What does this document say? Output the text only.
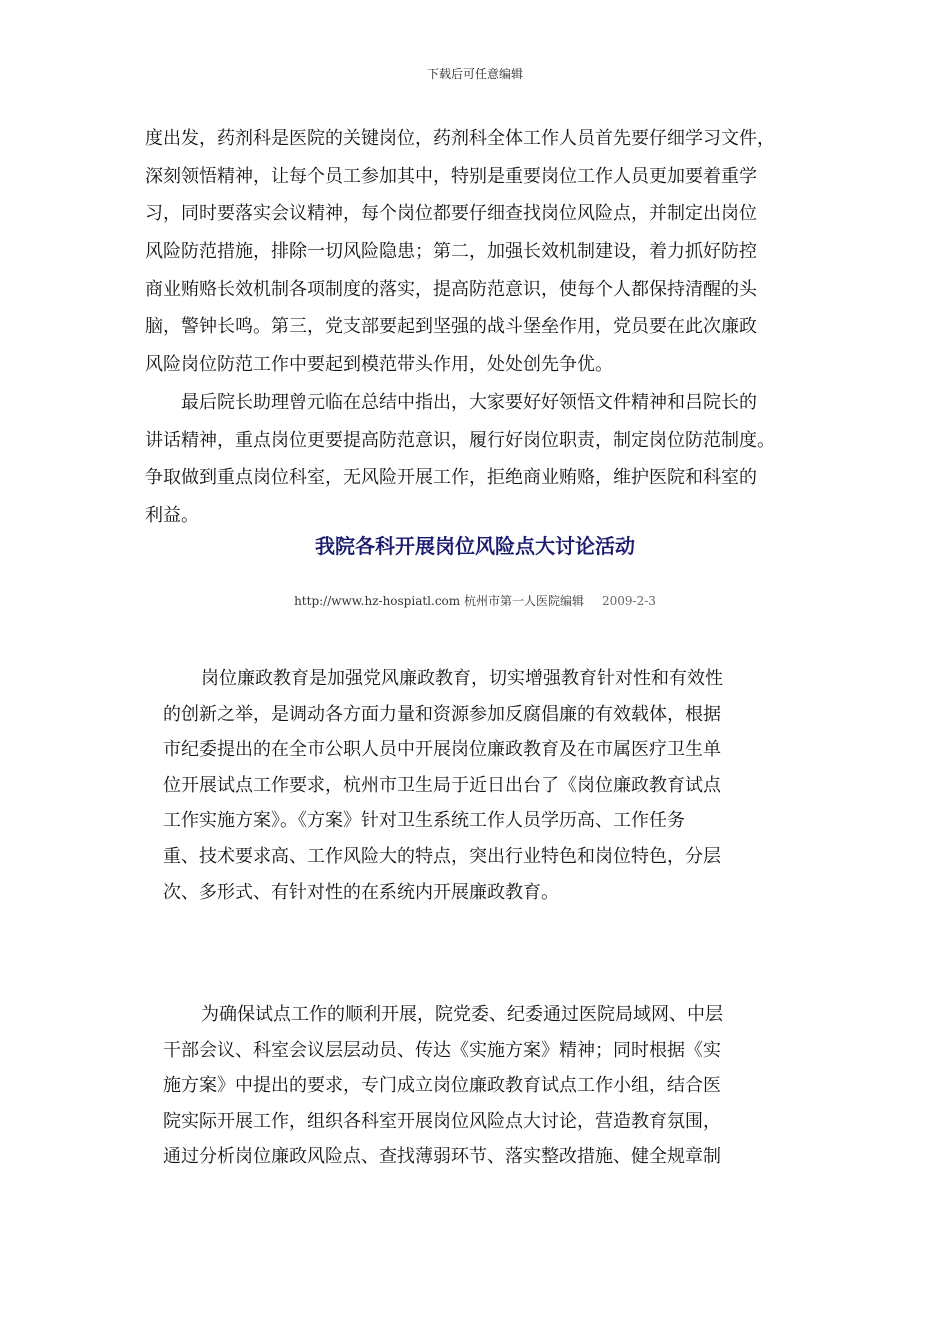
下载后可任意编辑
度出发，药剂科是医院的关键岗位，药剂科全体工作人员首先要仔细学习文件，
深刻领悟精神，让每个员工参加其中，特别是重要岗位工作人员更加要着重学
习，同时要落实会议精神，每个岗位都要仔细查找岗位风险点，并制定出岗位
风险防范措施，排除一切风险隐患；第二，加强长效机制建设，着力抓好防控
商业贿赂长效机制各项制度的落实，提高防范意识，使每个人都保持清醒的头
脑，警钟长鸣。第三，党支部要起到坚强的战斗堡垒作用，党员要在此次廉政
风险岗位防范工作中要起到模范带头作用，处处创先争优。
最后院长助理曾元临在总结中指出，大家要好好领悟文件精神和吕院长的
讲话精神，重点岗位更要提高防范意识，履行好岗位职责，制定岗位防范制度。
争取做到重点岗位科室，无风险开展工作，拒绝商业贿赂，维护医院和科室的
利益。
我院各科开展岗位风险点大讨论活动
http://www.hz-hospiatl.com 杭州市第一人医院编辑 2009-2-3
岗位廉政教育是加强党风廉政教育，切实增强教育针对性和有效性
的创新之举，是调动各方面力量和资源参加反腐倡廉的有效载体，根据
市纪委提出的在全市公职人员中开展岗位廉政教育及在市属医疗卫生单
位开展试点工作要求，杭州市卫生局于近日出台了《岗位廉政教育试点
工作实施方案》。《方案》针对卫生系统工作人员学历高、工作任务
重、技术要求高、工作风险大的特点，突出行业特色和岗位特色，分层
次、多形式、有针对性的在系统内开展廉政教育。
为确保试点工作的顺利开展，院党委、纪委通过医院局域网、中层
干部会议、科室会议层层动员、传达《实施方案》精神；同时根据《实
施方案》中提出的要求，专门成立岗位廉政教育试点工作小组，结合医
院实际开展工作，组织各科室开展岗位风险点大讨论，营造教育氛围，
通过分析岗位廉政风险点、查找薄弱环节、落实整改措施、健全规章制
